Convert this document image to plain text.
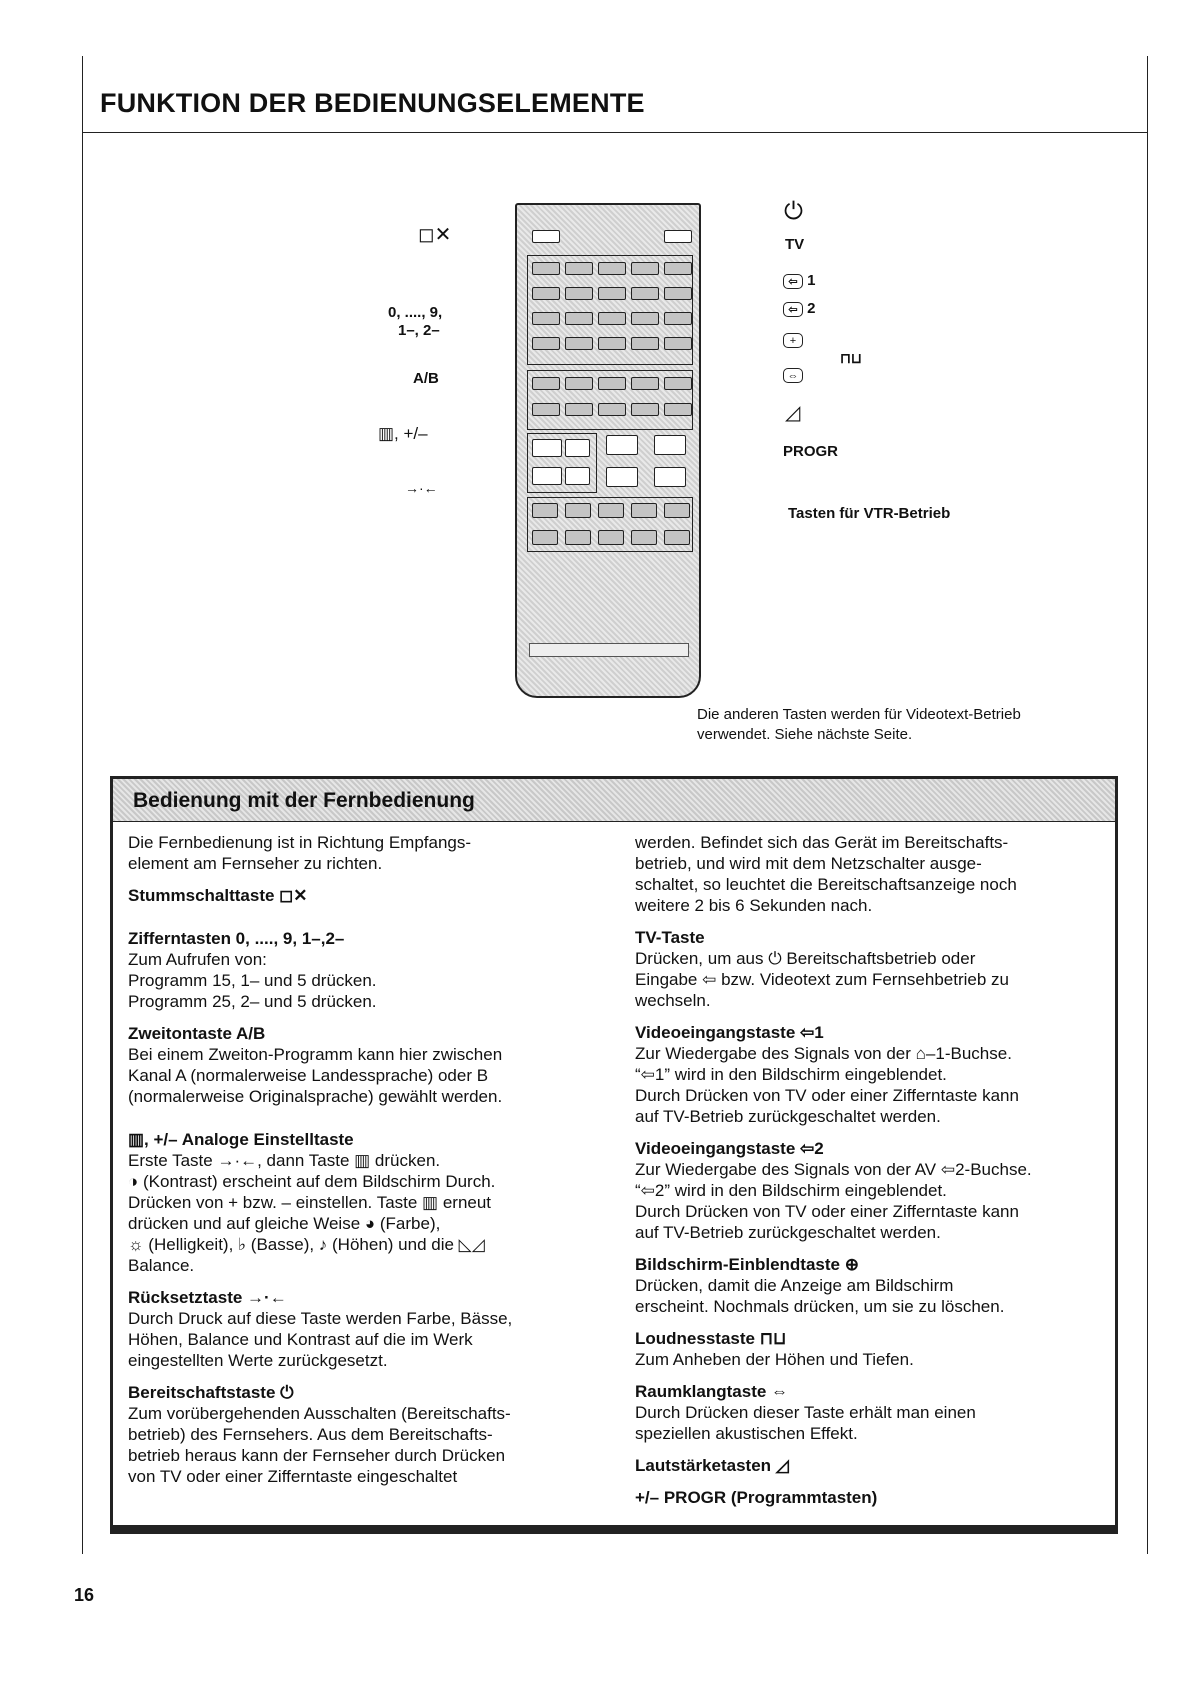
FUNKTION DER BEDIENUNGSELEMENTE
◻✕
0, ...., 9,
1–, 2–
A/B
▥, +/–
→·←
⏻
TV
⇦ 1
⇦ 2
+
⊓⊔
⇔
◿
PROGR
Tasten für VTR-Betrieb
Die anderen Tasten werden für Videotext-Betrieb
verwendet. Siehe nächste Seite.
Bedienung mit der Fernbedienung

Die Fernbedienung ist in Richtung Empfangs-

element am Fernseher zu richten.

Stummschalttaste ◻✕

Zifferntasten 0, ...., 9, 1–,2–

Zum Aufrufen von:

Programm 15, 1– und 5 drücken.

Programm 25, 2– und 5 drücken.

Zweitontaste A/B

Bei einem Zweiton-Programm kann hier zwischen

Kanal A (normalerweise Landessprache) oder B

(normalerweise Originalsprache) gewählt werden.

▥, +/– Analoge Einstelltaste

Erste Taste →·←, dann Taste ▥ drücken.

◑ (Kontrast) erscheint auf dem Bildschirm Durch.

Drücken von + bzw. – einstellen. Taste ▥ erneut

drücken und auf gleiche Weise ◕ (Farbe),

☼ (Helligkeit), ♭ (Basse), ♪ (Höhen) und die ◺◿

Balance.

Rücksetztaste →·←

Durch Druck auf diese Taste werden Farbe, Bässe,

Höhen, Balance und Kontrast auf die im Werk

eingestellten Werte zurückgesetzt.

Bereitschaftstaste ⏻

Zum vorübergehenden Ausschalten (Bereitschafts-

betrieb) des Fernsehers. Aus dem Bereitschafts-

betrieb heraus kann der Fernseher durch Drücken

von TV oder einer Zifferntaste eingeschaltet

werden. Befindet sich das Gerät im Bereitschafts-

betrieb, und wird mit dem Netzschalter ausge-

schaltet, so leuchtet die Bereitschaftsanzeige noch

weitere 2 bis 6 Sekunden nach.

TV-Taste

Drücken, um aus ⏻ Bereitschaftsbetrieb oder

Eingabe ⇦ bzw. Videotext zum Fernsehbetrieb zu

wechseln.

Videoeingangstaste ⇦1

Zur Wiedergabe des Signals von der ⌂–1-Buchse.

“⇦1” wird in den Bildschirm eingeblendet.

Durch Drücken von TV oder einer Zifferntaste kann

auf TV-Betrieb zurückgeschaltet werden.

Videoeingangstaste ⇦2

Zur Wiedergabe des Signals von der AV ⇦2-Buchse.

“⇦2” wird in den Bildschirm eingeblendet.

Durch Drücken von TV oder einer Zifferntaste kann

auf TV-Betrieb zurückgeschaltet werden.

Bildschirm-Einblendtaste ⊕

Drücken, damit die Anzeige am Bildschirm

erscheint. Nochmals drücken, um sie zu löschen.

Loudnesstaste ⊓⊔

Zum Anheben der Höhen und Tiefen.

Raumklangtaste ⇔

Durch Drücken dieser Taste erhält man einen

speziellen akustischen Effekt.

Lautstärketasten ◿

+/– PROGR (Programmtasten)

16
